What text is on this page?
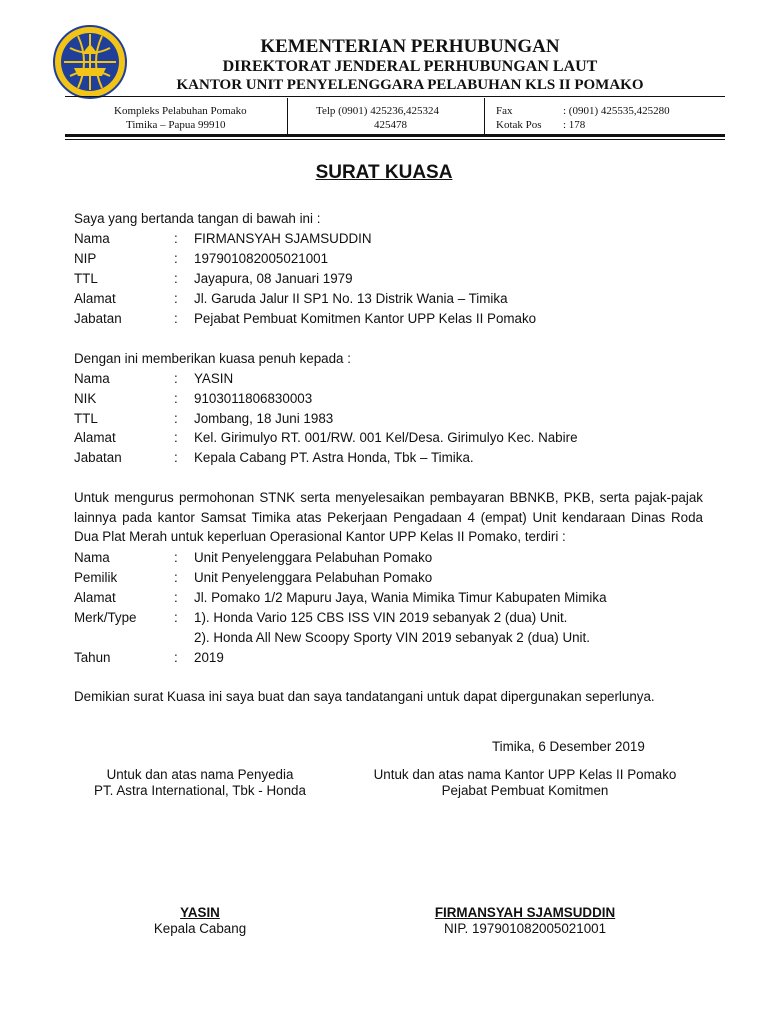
KEMENTERIAN PERHUBUNGAN
DIREKTORAT JENDERAL PERHUBUNGAN LAUT
KANTOR UNIT PENYELENGGARA PELABUHAN KLS II POMAKO
Kompleks Pelabuhan Pomako
Timika – Papua 99910
Telp (0901) 425236,425324
425478
Fax	: (0901) 425535,425280
Kotak Pos : 178
SURAT KUASA
Saya yang bertanda tangan di bawah ini :
Nama	: FIRMANSYAH SJAMSUDDIN
NIP	: 197901082005021001
TTL	: Jayapura, 08 Januari 1979
Alamat	: Jl. Garuda Jalur II SP1 No. 13 Distrik Wania – Timika
Jabatan	: Pejabat Pembuat Komitmen Kantor UPP Kelas II Pomako
Dengan ini memberikan kuasa penuh kepada :
Nama	: YASIN
NIK	: 9103011806830003
TTL	: Jombang, 18 Juni 1983
Alamat	: Kel. Girimulyo RT. 001/RW. 001 Kel/Desa. Girimulyo Kec. Nabire
Jabatan	: Kepala Cabang PT. Astra Honda, Tbk – Timika.
Untuk mengurus permohonan STNK serta menyelesaikan pembayaran BBNKB, PKB, serta pajak-pajak lainnya pada kantor Samsat Timika atas Pekerjaan Pengadaan 4 (empat) Unit kendaraan Dinas Roda Dua Plat Merah untuk keperluan Operasional Kantor UPP Kelas II Pomako, terdiri :
Nama	: Unit Penyelenggara Pelabuhan Pomako
Pemilik	: Unit Penyelenggara Pelabuhan Pomako
Alamat	: Jl. Pomako 1/2 Mapuru Jaya, Wania Mimika Timur Kabupaten Mimika
Merk/Type	: 1). Honda Vario 125 CBS ISS VIN 2019 sebanyak 2 (dua) Unit.
2). Honda All New Scoopy Sporty VIN 2019 sebanyak 2 (dua) Unit.
Tahun	: 2019
Demikian surat Kuasa ini saya buat dan saya tandatangani untuk dapat dipergunakan seperlunya.
Timika, 6 Desember 2019
Untuk dan atas nama Penyedia
PT. Astra International, Tbk - Honda
Untuk dan atas nama Kantor UPP Kelas II Pomako
Pejabat Pembuat Komitmen
YASIN
Kepala Cabang
FIRMANSYAH SJAMSUDDIN
NIP. 197901082005021001
